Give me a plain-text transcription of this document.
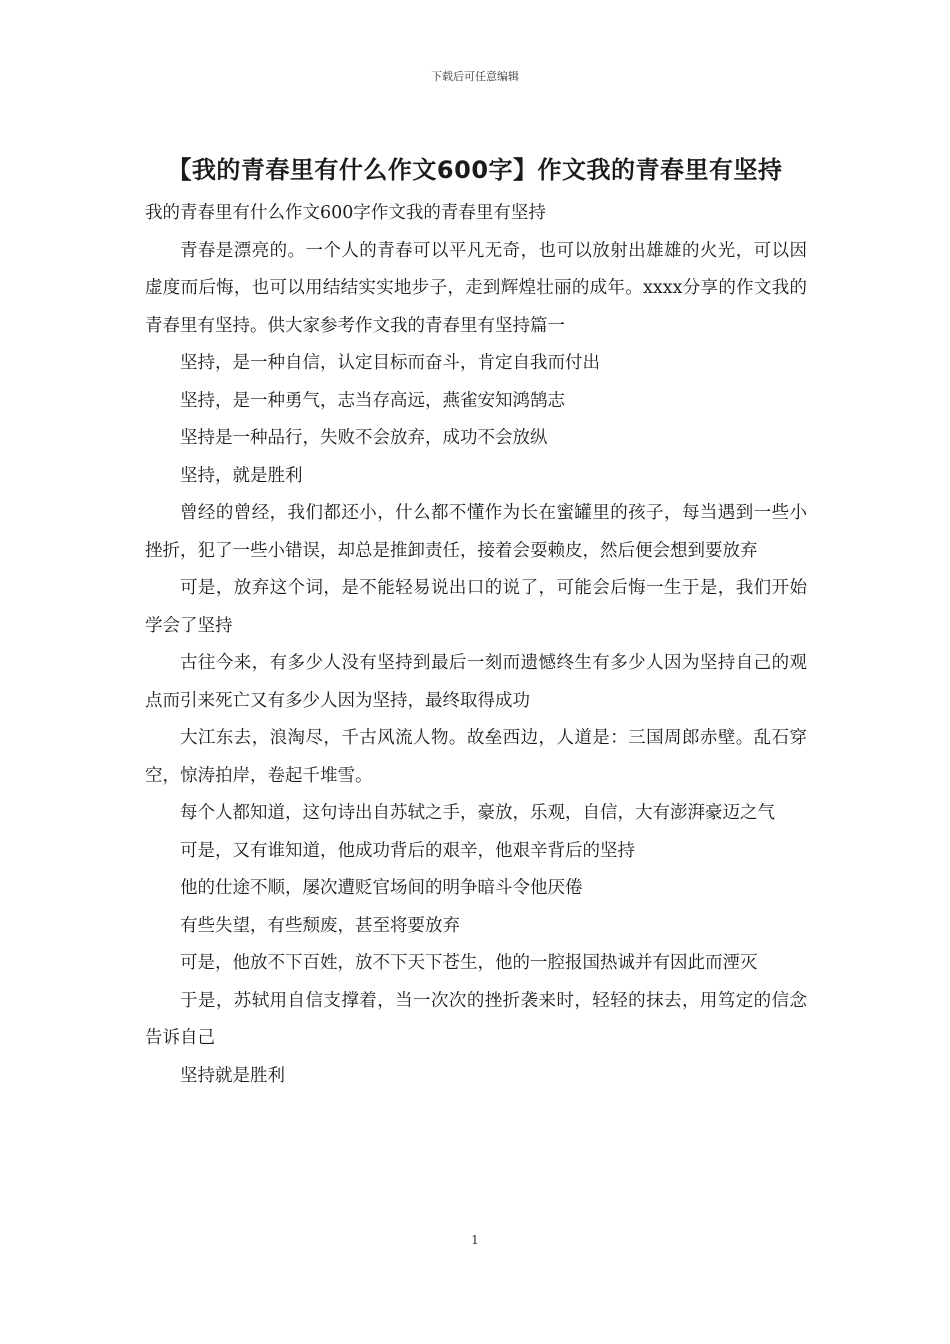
下载后可任意编辑
【我的青春里有什么作文600字】作文我的青春里有坚持

我的青春里有什么作文600字作文我的青春里有坚持

青春是漂亮的。一个人的青春可以平凡无奇，也可以放射出雄雄的火光，可以因虚度而后悔，也可以用结结实实地步子，走到辉煌壮丽的成年。xxxx分享的作文我的青春里有坚持。供大家参考作文我的青春里有坚持篇一

坚持，是一种自信，认定目标而奋斗，肯定自我而付出

坚持，是一种勇气，志当存高远，燕雀安知鸿鹄志

坚持是一种品行，失败不会放弃，成功不会放纵

坚持，就是胜利

曾经的曾经，我们都还小，什么都不懂作为长在蜜罐里的孩子，每当遇到一些小挫折，犯了一些小错误，却总是推卸责任，接着会耍赖皮，然后便会想到要放弃

可是，放弃这个词，是不能轻易说出口的说了，可能会后悔一生于是，我们开始学会了坚持

古往今来，有多少人没有坚持到最后一刻而遗憾终生有多少人因为坚持自己的观点而引来死亡又有多少人因为坚持，最终取得成功

大江东去，浪淘尽，千古风流人物。故垒西边，人道是：三国周郎赤壁。乱石穿空，惊涛拍岸，卷起千堆雪。

每个人都知道，这句诗出自苏轼之手，豪放，乐观，自信，大有澎湃豪迈之气

可是，又有谁知道，他成功背后的艰辛，他艰辛背后的坚持

他的仕途不顺，屡次遭贬官场间的明争暗斗令他厌倦

有些失望，有些颓废，甚至将要放弃

可是，他放不下百姓，放不下天下苍生，他的一腔报国热诚并有因此而湮灭

于是，苏轼用自信支撑着，当一次次的挫折袭来时，轻轻的抹去，用笃定的信念告诉自己

坚持就是胜利

1
